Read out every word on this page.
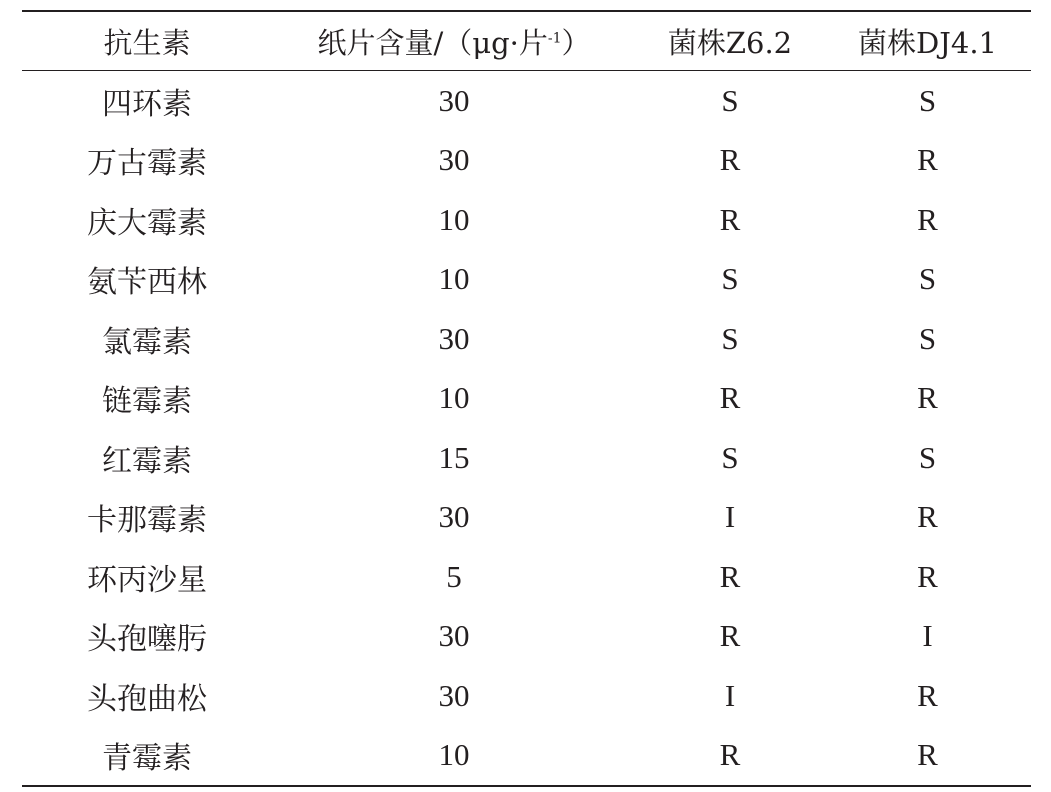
抗生素	纸片含量/（μg·片$^{-1}$）	菌株Z6.2	菌株DJ4.1
四环素	30	S	S
万古霉素	30	R	R
庆大霉素	10	R	R
氨苄西林	10	S	S
氯霉素	30	S	S
链霉素	10	R	R
红霉素	15	S	S
卡那霉素	30	I	R
环丙沙星	5	R	R
头孢噻肟	30	R	I
头孢曲松	30	I	R
青霉素	10	R	R
